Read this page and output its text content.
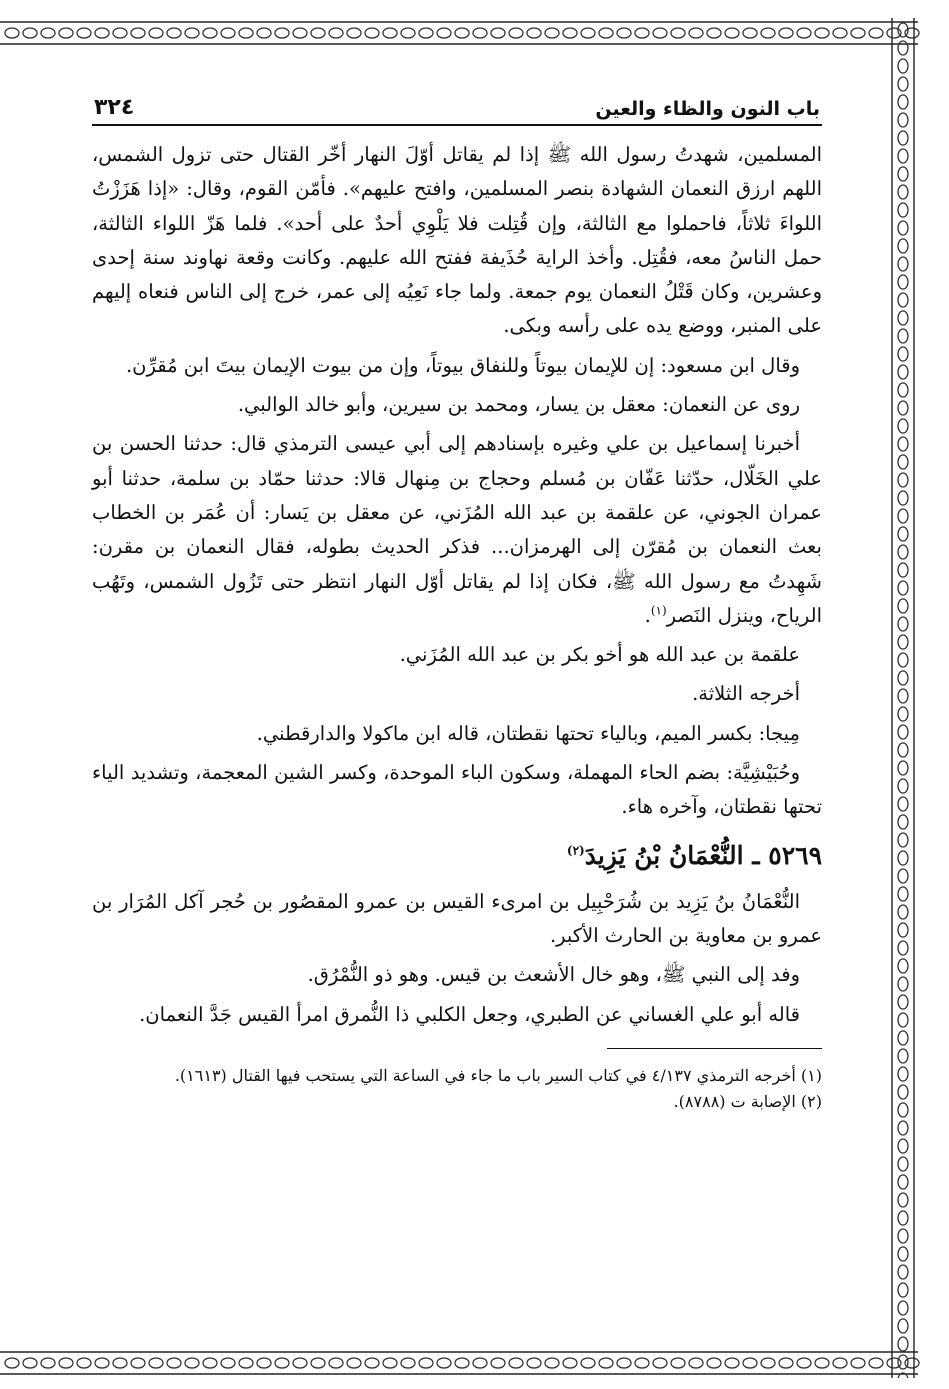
باب النون والظاء والعين
٣٢٤

المسلمين، شهدتُ رسول الله ﷺ إذا لم يقاتل أوّلَ النهار أخّر القتال حتى تزول الشمس، اللهم ارزق النعمان الشهادة بنصر المسلمين، وافتح عليهم». فأمّن القوم، وقال: «إذا هَزَزْتُ اللواءَ ثلاثاً، فاحملوا مع الثالثة، وإن قُتِلت فلا يَلْوِي أحدٌ على أحد». فلما هَزّ اللواء الثالثة، حمل الناسُ معه، فقُتِل. وأخذ الراية حُذَيفة ففتح الله عليهم. وكانت وقعة نهاوند سنة إحدى وعشرين، وكان قَتْلُ النعمان يوم جمعة. ولما جاء نَعِيُه إلى عمر، خرج إلى الناس فنعاه إليهم على المنبر، ووضع يده على رأسه وبكى.

وقال ابن مسعود: إن للإيمان بيوتاً وللنفاق بيوتاً، وإن من بيوت الإيمان بيتَ ابن مُقرِّن.

روى عن النعمان: معقل بن يسار، ومحمد بن سيرين، وأبو خالد الوالبي.

أخبرنا إسماعيل بن علي وغيره بإسنادهم إلى أبي عيسى الترمذي قال: حدثنا الحسن بن علي الخَلّال، حدّثنا عَفّان بن مُسلم وحجاج بن مِنهال قالا: حدثنا حمّاد بن سلمة، حدثنا أبو عمران الجوني، عن علقمة بن عبد الله المُزَني، عن معقل بن يَسار: أن عُمَر بن الخطاب بعث النعمان بن مُقرّن إلى الهرمزان... فذكر الحديث بطوله، فقال النعمان بن مقرن: شَهِدتُ مع رسول الله ﷺ، فكان إذا لم يقاتل أوّل النهار انتظر حتى تَزُول الشمس، وتَهُب الرياح، وينزل النَصر$^{(١)}$.

علقمة بن عبد الله هو أخو بكر بن عبد الله المُزَني.

أخرجه الثلاثة.

مِيجا: بكسر الميم، وبالياء تحتها نقطتان، قاله ابن ماكولا والدارقطني.

وحُبَيْشِيَّة: بضم الحاء المهملة، وسكون الباء الموحدة، وكسر الشين المعجمة، وتشديد الياء تحتها نقطتان، وآخره هاء.

٥٢٦٩ ـ النُّعْمَانُ بْنُ يَزِيدَ$^{(٢)}$

النُّعْمَانُ بنُ يَزِيد بن شُرَحْبِيل بن امرىء القيس بن عمرو المقصُور بن حُجر آكل المُرَار بن عمرو بن معاوية بن الحارث الأكبر.

وفد إلى النبي ﷺ، وهو خال الأشعث بن قيس. وهو ذو النُّمْرُق.

قاله أبو علي الغساني عن الطبري، وجعل الكلبي ذا النُّمرق امرأ القيس جَدَّ النعمان.

(١) أخرجه الترمذي ٤/١٣٧ في كتاب السير باب ما جاء في الساعة التي يستحب فيها القتال (١٦١٣).

(٢) الإصابة ت (٨٧٨٨).
